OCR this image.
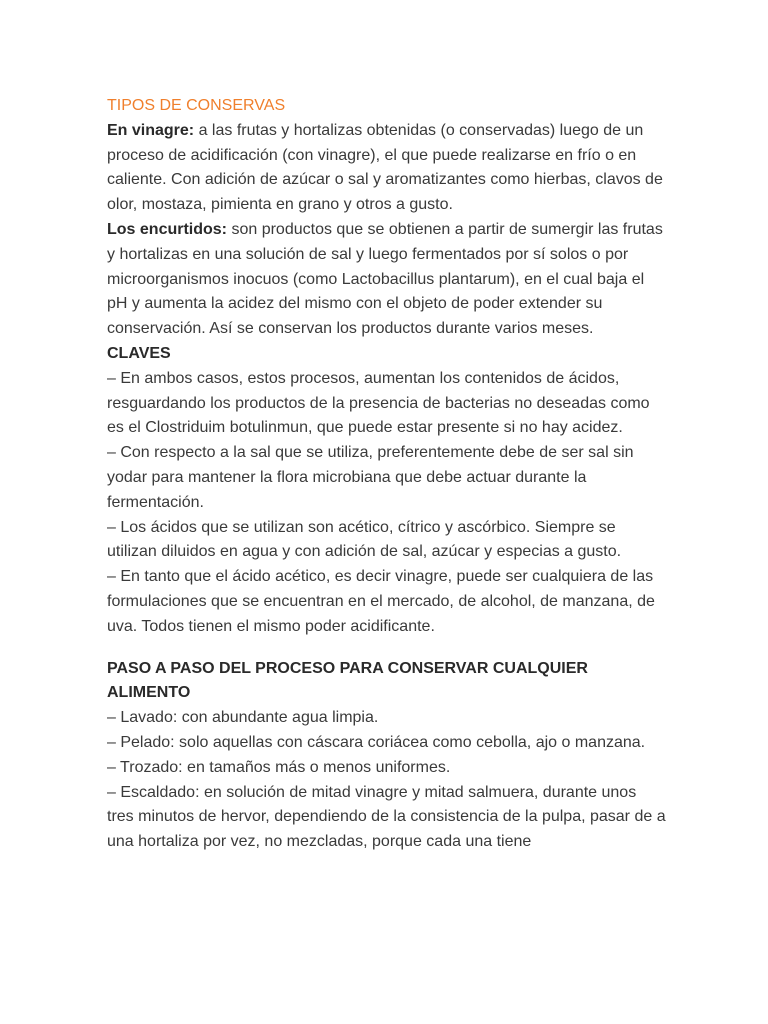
TIPOS DE CONSERVAS

En vinagre: a las frutas y hortalizas obtenidas (o conservadas) luego de un proceso de acidificación (con vinagre), el que puede realizarse en frío o en caliente. Con adición de azúcar o sal y aromatizantes como hierbas, clavos de olor, mostaza, pimienta en grano y otros a gusto.

Los encurtidos: son productos que se obtienen a partir de sumergir las frutas y hortalizas en una solución de sal y luego fermentados por sí solos o por microorganismos inocuos (como Lactobacillus plantarum), en el cual baja el pH y aumenta la acidez del mismo con el objeto de poder extender su conservación. Así se conservan los productos durante varios meses.

CLAVES

– En ambos casos, estos procesos, aumentan los contenidos de ácidos, resguardando los productos de la presencia de bacterias no deseadas como es el Clostriduim botulinmun, que puede estar presente si no hay acidez.

– Con respecto a la sal que se utiliza, preferentemente debe de ser sal sin yodar para mantener la flora microbiana que debe actuar durante la fermentación.

– Los ácidos que se utilizan son acético, cítrico y ascórbico. Siempre se utilizan diluidos en agua y con adición de sal, azúcar y especias a gusto.

– En tanto que el ácido acético, es decir vinagre, puede ser cualquiera de las formulaciones que se encuentran en el mercado, de alcohol, de manzana, de uva. Todos tienen el mismo poder acidificante.

PASO A PASO DEL PROCESO PARA CONSERVAR CUALQUIER ALIMENTO

– Lavado: con abundante agua limpia.

– Pelado: solo aquellas con cáscara coriácea como cebolla, ajo o manzana.

– Trozado: en tamaños más o menos uniformes.

– Escaldado: en solución de mitad vinagre y mitad salmuera, durante unos tres minutos de hervor, dependiendo de la consistencia de la pulpa, pasar de a una hortaliza por vez, no mezcladas, porque cada una tiene
